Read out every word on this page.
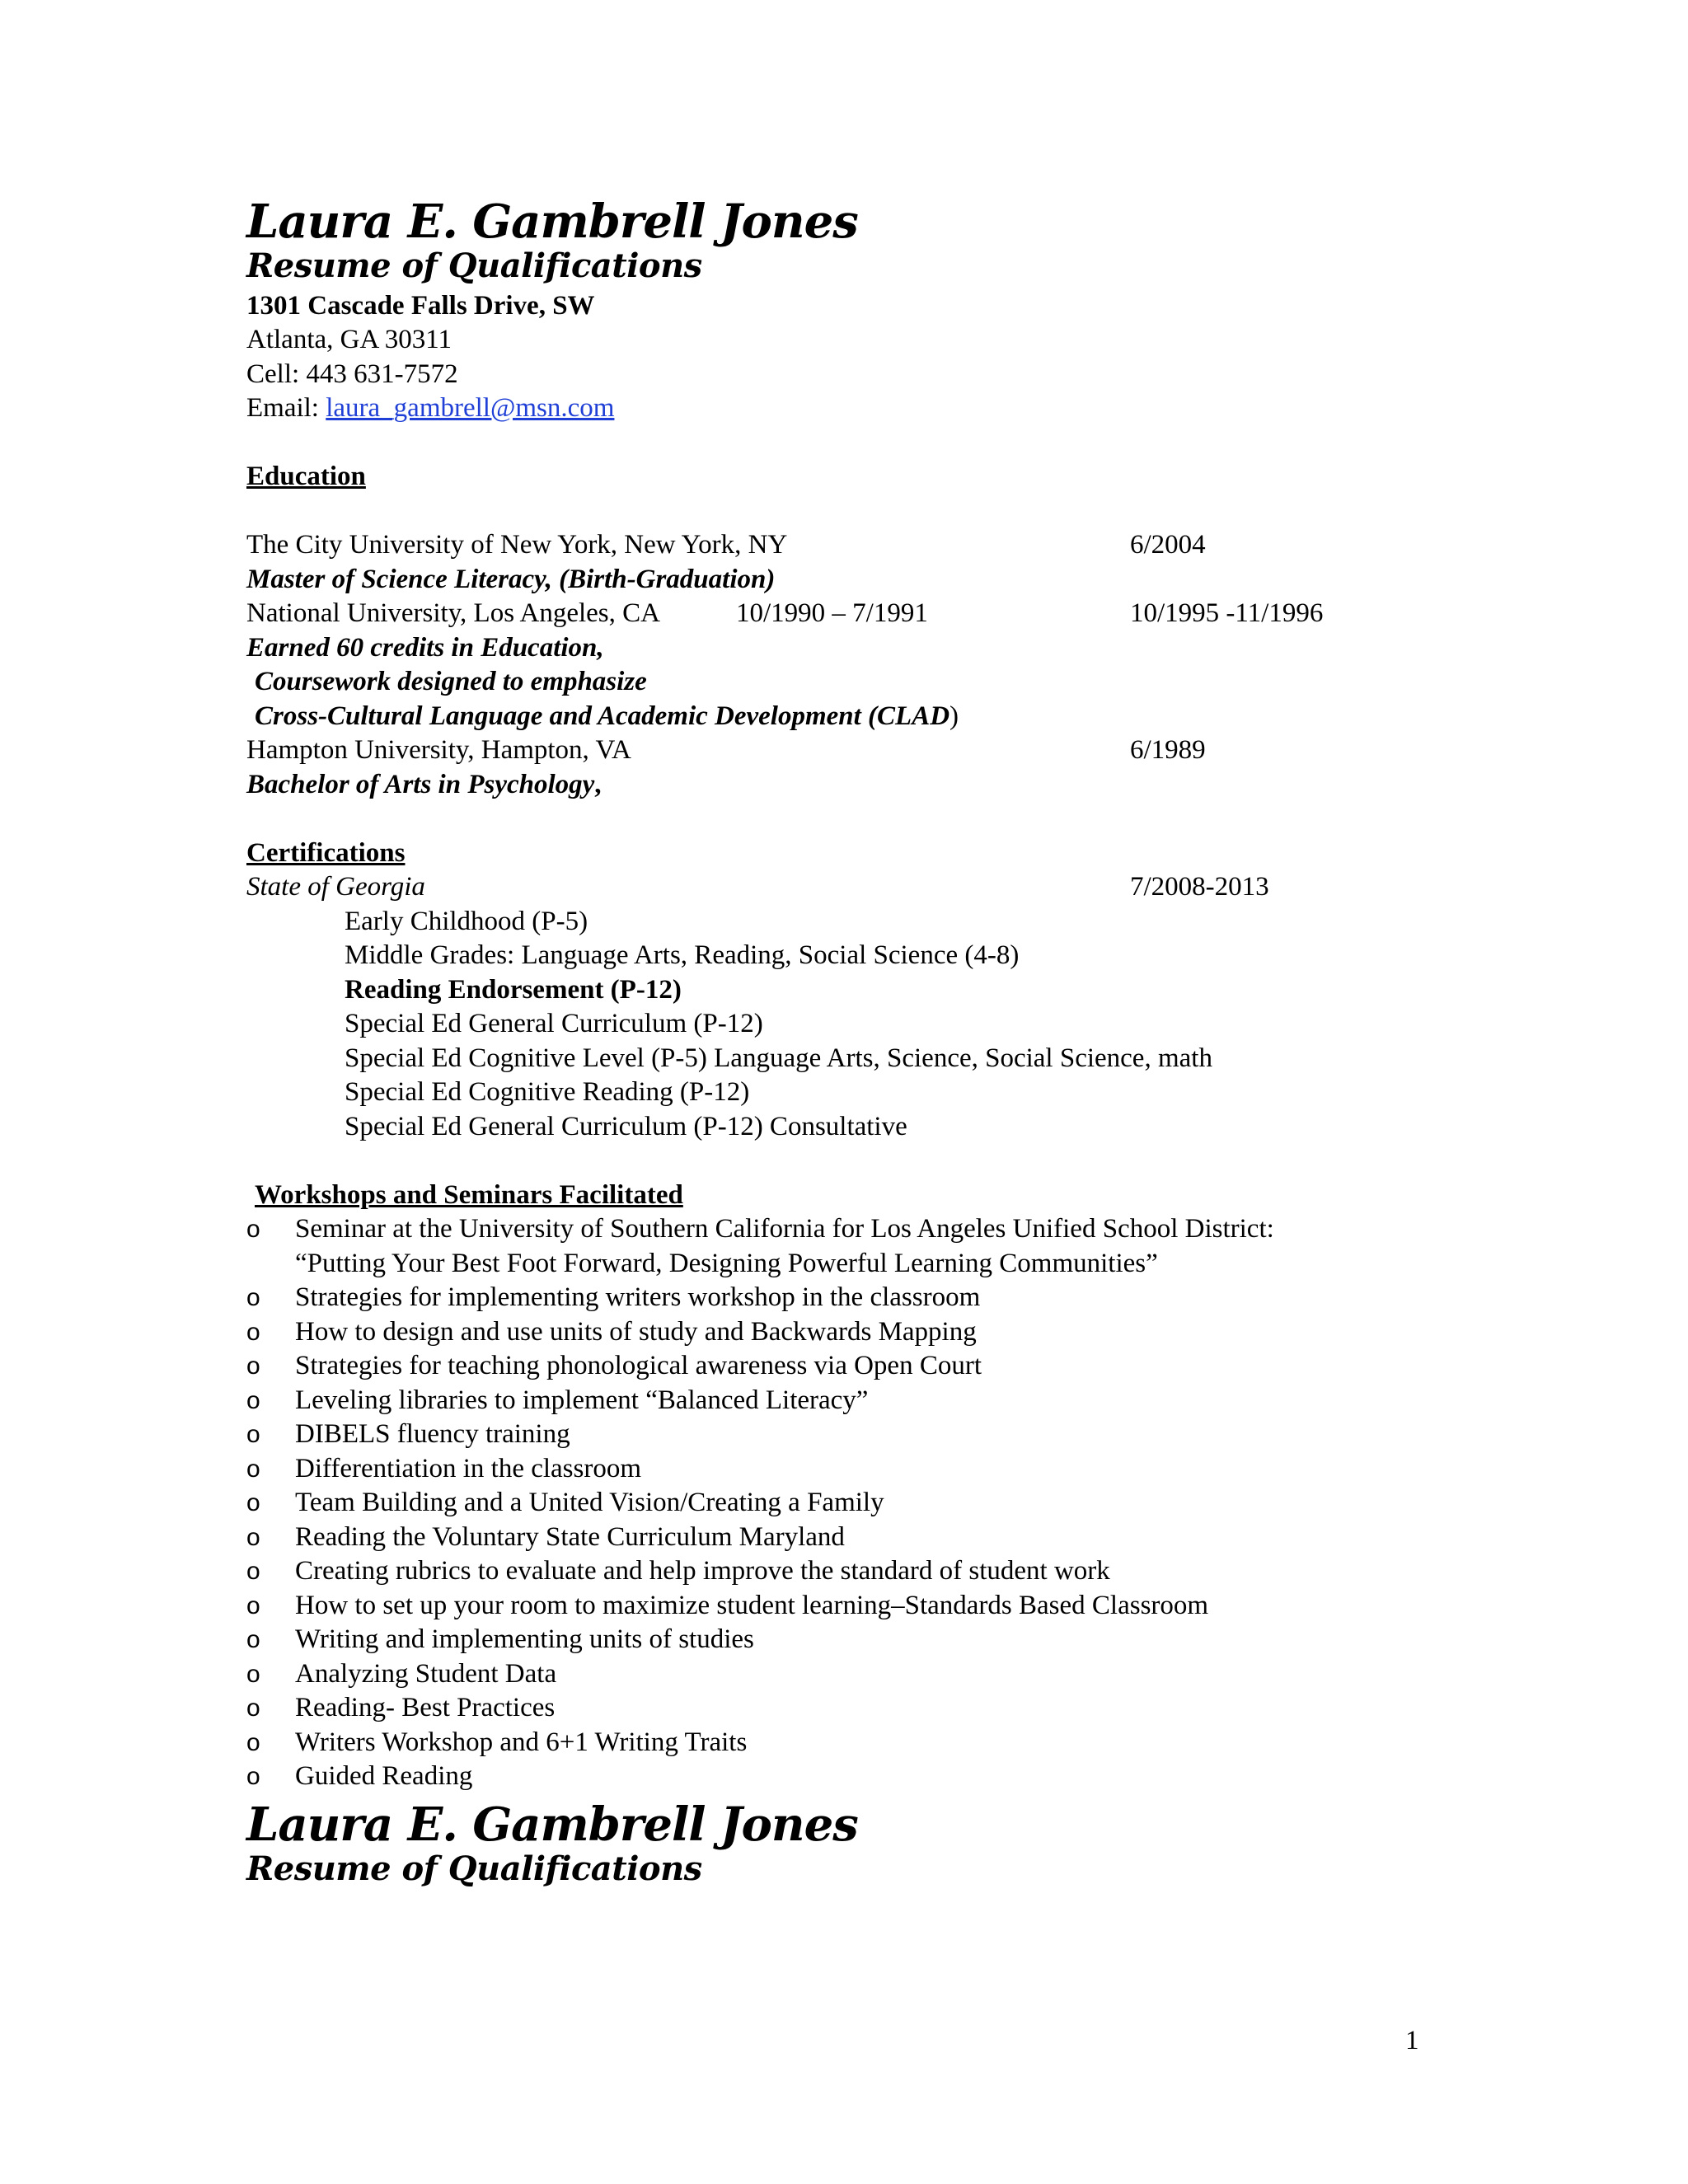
Laura E. Gambrell Jones
Resume of Qualifications
1301 Cascade Falls Drive, SW
Atlanta, GA 30311
Cell: 443 631-7572
Email: laura_gambrell@msn.com
Education
The City University of New York, New York, NY	6/2004
Master of Science Literacy, (Birth-Graduation)
National University, Los Angeles, CA	10/1990 – 7/1991	10/1995 -11/1996
Earned 60 credits in Education,
Coursework designed to emphasize
Cross-Cultural Language and Academic Development (CLAD)
Hampton University, Hampton, VA	6/1989
Bachelor of Arts in Psychology,
Certifications
State of Georgia	7/2008-2013
Early Childhood (P-5)
Middle Grades: Language Arts, Reading, Social Science (4-8)
Reading Endorsement (P-12)
Special Ed General Curriculum (P-12)
Special Ed Cognitive Level (P-5) Language Arts, Science, Social Science, math
Special Ed Cognitive Reading (P-12)
Special Ed General Curriculum (P-12) Consultative
Workshops and Seminars Facilitated
o Seminar at the University of Southern California for Los Angeles Unified School District:
“Putting Your Best Foot Forward, Designing Powerful Learning Communities”
o Strategies for implementing writers workshop in the classroom
o How to design and use units of study and Backwards Mapping
o Strategies for teaching phonological awareness via Open Court
o Leveling libraries to implement “Balanced Literacy”
o DIBELS fluency training
o Differentiation in the classroom
o Team Building and a United Vision/Creating a Family
o Reading the Voluntary State Curriculum Maryland
o Creating rubrics to evaluate and help improve the standard of student work
o How to set up your room to maximize student learning–Standards Based Classroom
o Writing and implementing units of studies
o Analyzing Student Data
o Reading- Best Practices
o Writers Workshop and 6+1 Writing Traits
o Guided Reading
Laura E. Gambrell Jones
Resume of Qualifications
1
